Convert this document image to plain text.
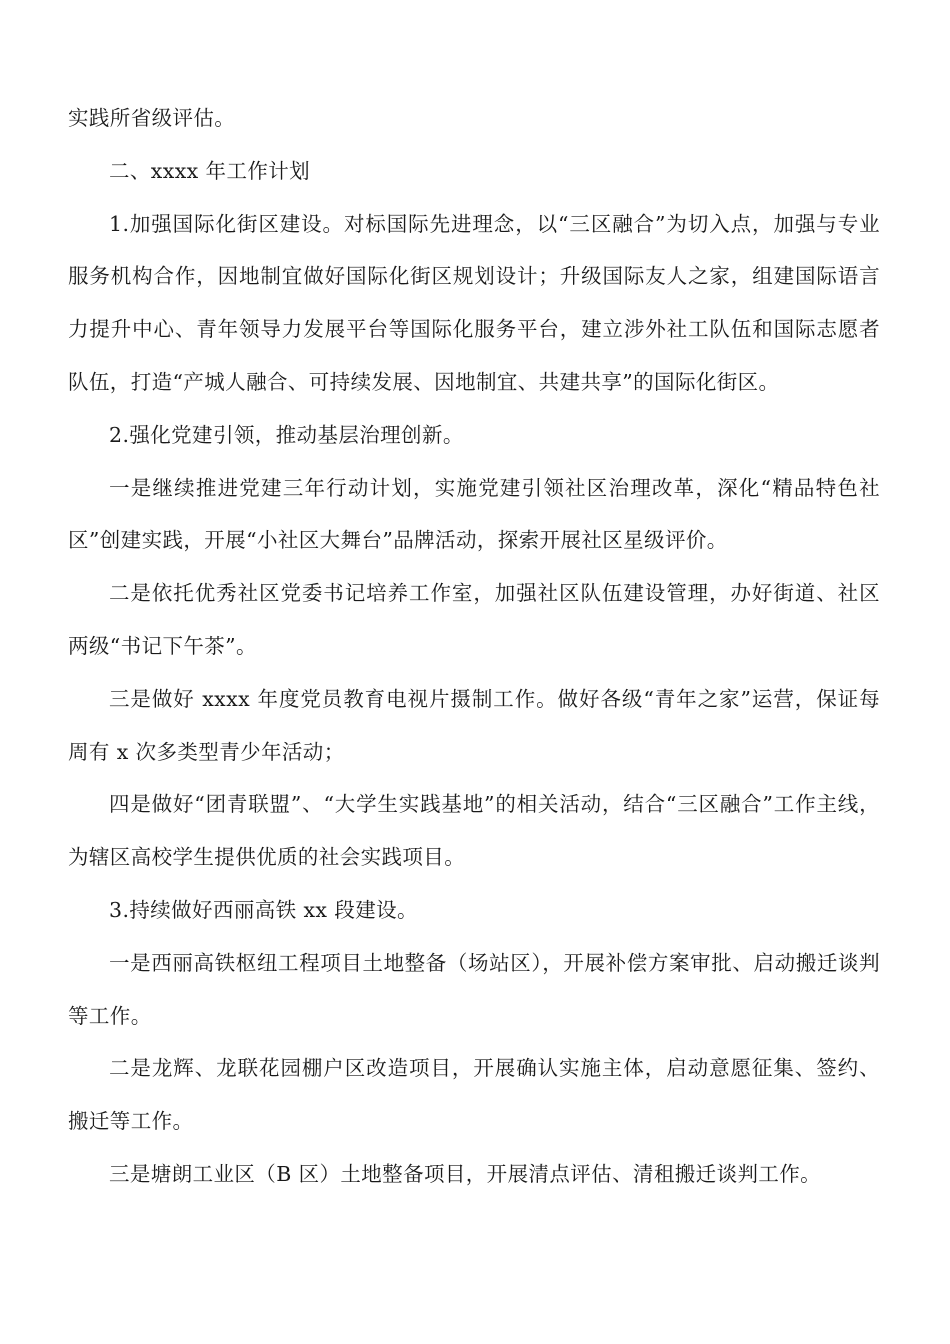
实践所省级评估。

二、xxxx 年工作计划

1.加强国际化街区建设。对标国际先进理念，以“三区融合”为切入点，加强与专业服务机构合作，因地制宜做好国际化街区规划设计；升级国际友人之家，组建国际语言力提升中心、青年领导力发展平台等国际化服务平台，建立涉外社工队伍和国际志愿者队伍，打造“产城人融合、可持续发展、因地制宜、共建共享”的国际化街区。

2.强化党建引领，推动基层治理创新。

一是继续推进党建三年行动计划，实施党建引领社区治理改革，深化“精品特色社区”创建实践，开展“小社区大舞台”品牌活动，探索开展社区星级评价。

二是依托优秀社区党委书记培养工作室，加强社区队伍建设管理，办好街道、社区两级“书记下午茶”。

三是做好 xxxx 年度党员教育电视片摄制工作。做好各级“青年之家”运营，保证每周有 x 次多类型青少年活动；

四是做好“团青联盟”、“大学生实践基地”的相关活动，结合“三区融合”工作主线，为辖区高校学生提供优质的社会实践项目。

3.持续做好西丽高铁 xx 段建设。

一是西丽高铁枢纽工程项目土地整备（场站区），开展补偿方案审批、启动搬迁谈判等工作。

二是龙辉、龙联花园棚户区改造项目，开展确认实施主体，启动意愿征集、签约、搬迁等工作。

三是塘朗工业区（B 区）土地整备项目，开展清点评估、清租搬迁谈判工作。
